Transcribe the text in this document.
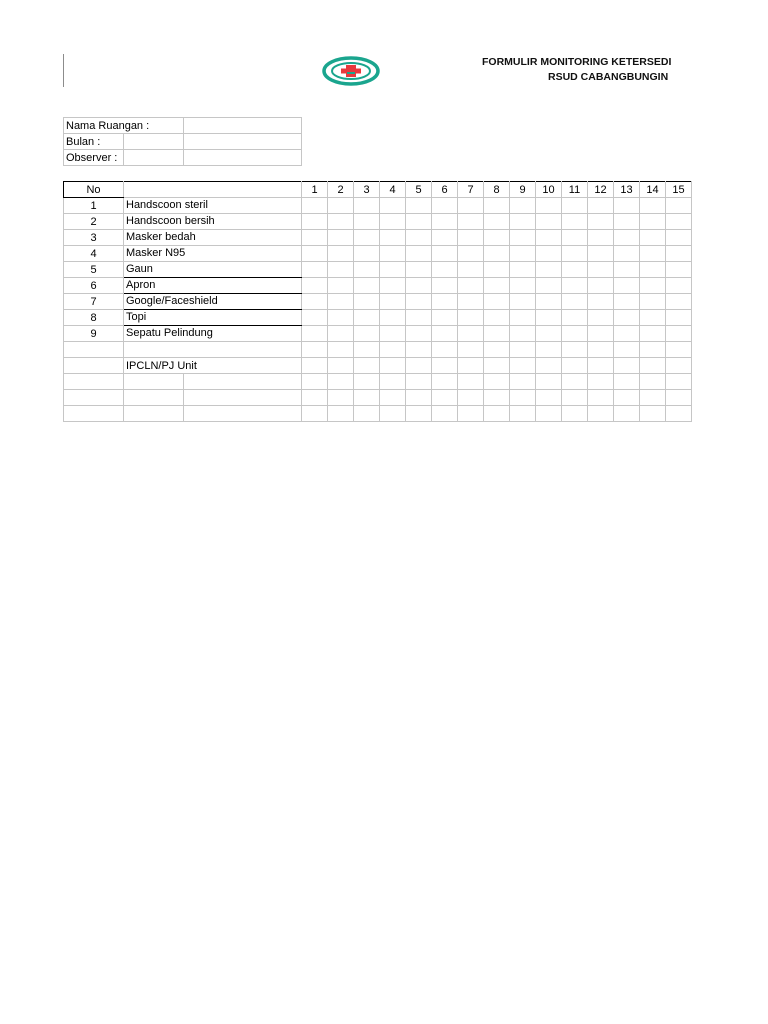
FORMULIR MONITORING KETERSEDI
RSUD CABANGBUNGIN
Nama Ruangan :		
Bulan :		
Observer :		
No			1	2	3	4	5	6	7	8	9	10	11	12	13	14	15
1	Handscoon steril																
2	Handscoon bersih																
3	Masker bedah																
4	Masker N95																
5	Gaun																
6	Apron																
7	Google/Faceshield																
8	Topi																
9	Sepatu Pelindung																

	IPCLN/PJ Unit																
